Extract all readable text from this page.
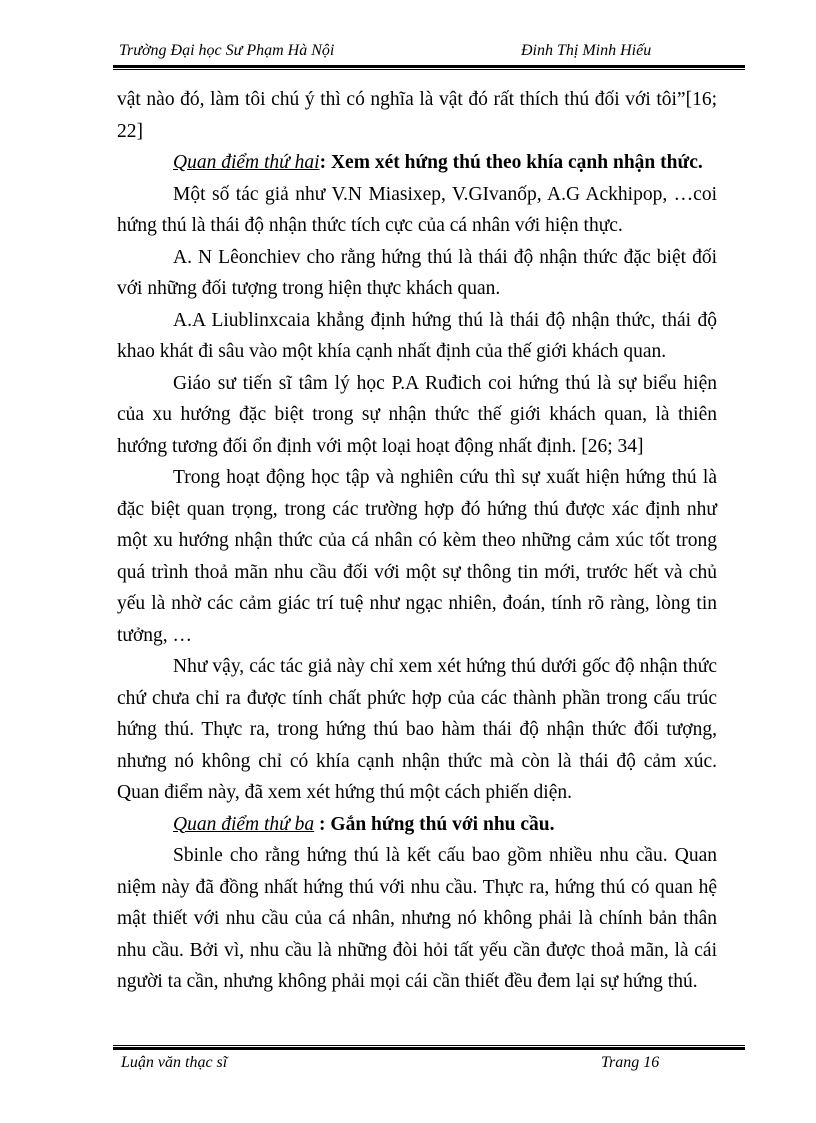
Trường Đại học Sư Phạm Hà Nội	Đinh Thị Minh Hiếu

vật nào đó, làm tôi chú ý thì có nghĩa là vật đó rất thích thú đối với tôi”[16; 22]

Quan điểm thứ hai: Xem xét hứng thú theo khía cạnh nhận thức.

Một số tác giả như V.N Miasixep, V.GIvanốp, A.G Ackhipop, …coi hứng thú là thái độ nhận thức tích cực của cá nhân với hiện thực.

A. N Lêonchiev cho rằng hứng thú là thái độ nhận thức đặc biệt đối với những đối tượng trong hiện thực khách quan.

A.A Liublinxcaia khẳng định hứng thú là thái độ nhận thức, thái độ khao khát đi sâu vào một khía cạnh nhất định của thế giới khách quan.

Giáo sư tiến sĩ tâm lý học P.A Ruđich coi hứng thú là sự biểu hiện của xu hướng đặc biệt trong sự nhận thức thế giới khách quan, là thiên hướng tương đối ổn định với một loại hoạt động nhất định. [26; 34]

Trong hoạt động học tập và nghiên cứu thì sự xuất hiện hứng thú là đặc biệt quan trọng, trong các trường hợp đó hứng thú được xác định như một xu hướng nhận thức của cá nhân có kèm theo những cảm xúc tốt trong quá trình thoả mãn nhu cầu đối với một sự thông tin mới, trước hết và chủ yếu là nhờ các cảm giác trí tuệ như ngạc nhiên, đoán, tính rõ ràng, lòng tin tưởng, …

Như vậy, các tác giả này chỉ xem xét hứng thú dưới gốc độ nhận thức chứ chưa chỉ ra được tính chất phức hợp của các thành phần trong cấu trúc hứng thú. Thực ra, trong hứng thú bao hàm thái độ nhận thức đối tượng, nhưng nó không chỉ có khía cạnh nhận thức mà còn là thái độ cảm xúc. Quan điểm này, đã xem xét hứng thú một cách phiến diện.

Quan điểm thứ ba : Gắn hứng thú với nhu cầu.

Sbinle cho rằng hứng thú là kết cấu bao gồm nhiều nhu cầu. Quan niệm này đã đồng nhất hứng thú với nhu cầu. Thực ra, hứng thú có quan hệ mật thiết với nhu cầu của cá nhân, nhưng nó không phải là chính bản thân nhu cầu. Bởi vì, nhu cầu là những đòi hỏi tất yếu cần được thoả mãn, là cái người ta cần, nhưng không phải mọi cái cần thiết đều đem lại sự hứng thú.

Luận văn thạc sĩ	Trang 16
